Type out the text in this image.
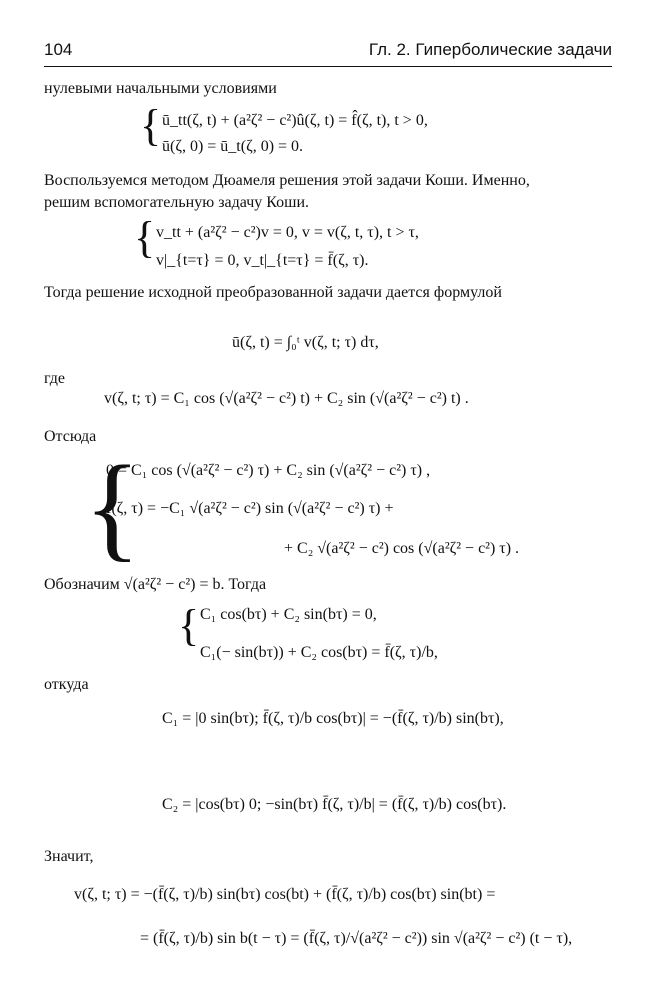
104	Гл. 2. Гиперболические задачи
нулевыми начальными условиями
{ ū_tt(ζ, t) + (a²ζ² − c²)û(ζ, t) = f̂(ζ, t), t > 0,
ū(ζ, 0) = ū_t(ζ, 0) = 0.
Воспользуемся методом Дюамеля решения этой задачи Коши. Именно,
решим вспомогательную задачу Коши.
{ v_tt + (a²ζ² − c²)v = 0, v = v(ζ, t, τ), t > τ,
v|_{t=τ} = 0, v_t|_{t=τ} = f̄(ζ, τ).
Тогда решение исходной преобразованной задачи дается формулой
ū(ζ, t) = ∫₀ᵗ v(ζ, t; τ) dτ,
где
v(ζ, t; τ) = C₁ cos (√(a²ζ² − c²) t) + C₂ sin (√(a²ζ² − c²) t) .
Отсюда
{
0 = C₁ cos (√(a²ζ² − c²) τ) + C₂ sin (√(a²ζ² − c²) τ) ,
f̄(ζ, τ) = −C₁ √(a²ζ² − c²) sin (√(a²ζ² − c²) τ) +
+ C₂ √(a²ζ² − c²) cos (√(a²ζ² − c²) τ) .
Обозначим √(a²ζ² − c²) = b. Тогда
{ C₁ cos(bτ) + C₂ sin(bτ) = 0,
C₁(− sin(bτ)) + C₂ cos(bτ) = f̄(ζ, τ)/b,
откуда
C₁ = |0 sin(bτ); f̄(ζ, τ)/b cos(bτ)| = −(f̄(ζ, τ)/b) sin(bτ),
C₂ = |cos(bτ) 0; −sin(bτ) f̄(ζ, τ)/b| = (f̄(ζ, τ)/b) cos(bτ).
Значит,
v(ζ, t; τ) = −(f̄(ζ, τ)/b) sin(bτ) cos(bt) + (f̄(ζ, τ)/b) cos(bτ) sin(bt) =
= (f̄(ζ, τ)/b) sin b(t − τ) = (f̄(ζ, τ)/√(a²ζ² − c²)) sin √(a²ζ² − c²) (t − τ),
